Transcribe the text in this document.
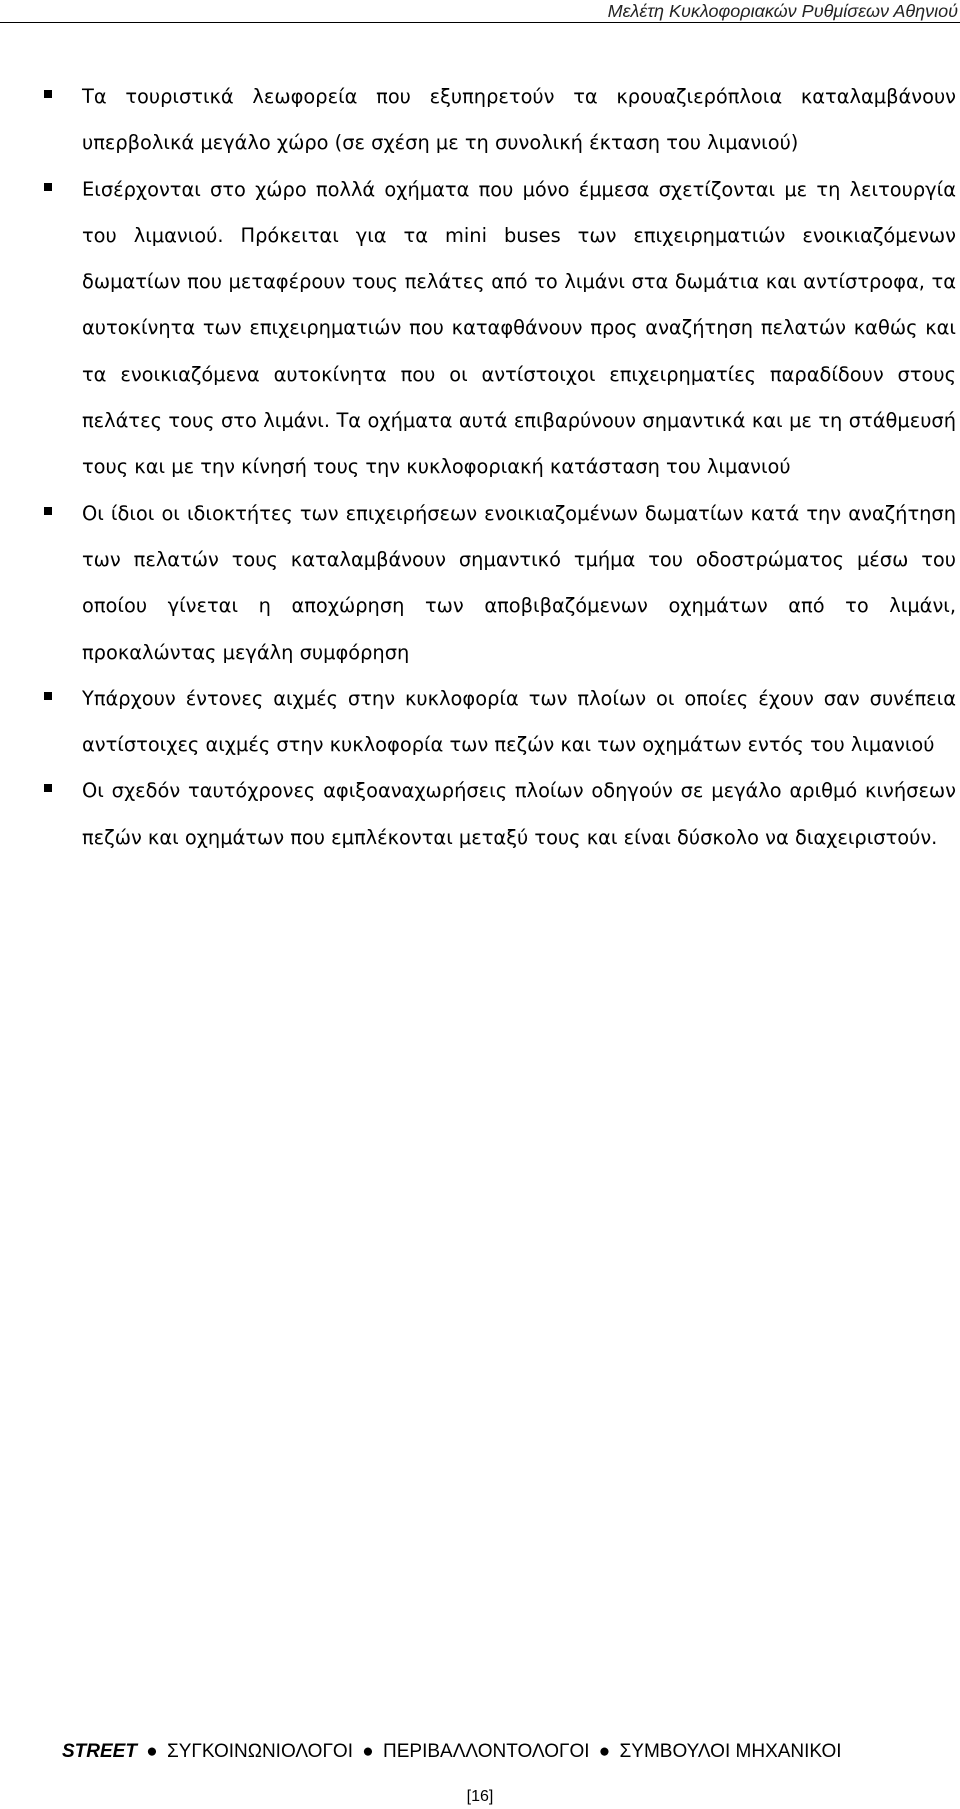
Μελέτη Κυκλοφοριακών Ρυθμίσεων Αθηνιού
Τα τουριστικά λεωφορεία που εξυπηρετούν τα κρουαζιερόπλοια καταλαμβάνουν υπερβολικά μεγάλο χώρο (σε σχέση με τη συνολική έκταση του λιμανιού)
Εισέρχονται στο χώρο πολλά οχήματα που μόνο έμμεσα σχετίζονται με τη λειτουργία του λιμανιού. Πρόκειται για τα mini buses των επιχειρηματιών ενοικιαζόμενων δωματίων που μεταφέρουν τους πελάτες από το λιμάνι στα δωμάτια και αντίστροφα, τα αυτοκίνητα των επιχειρηματιών που καταφθάνουν προς αναζήτηση πελατών καθώς και τα ενοικιαζόμενα αυτοκίνητα που οι αντίστοιχοι επιχειρηματίες παραδίδουν στους πελάτες τους στο λιμάνι. Τα οχήματα αυτά επιβαρύνουν σημαντικά και με τη στάθμευσή τους και με την κίνησή τους την κυκλοφοριακή κατάσταση του λιμανιού
Οι ίδιοι οι ιδιοκτήτες των επιχειρήσεων ενοικιαζομένων δωματίων κατά την αναζήτηση των πελατών τους καταλαμβάνουν σημαντικό τμήμα του οδοστρώματος μέσω του οποίου γίνεται η αποχώρηση των αποβιβαζόμενων οχημάτων από το λιμάνι, προκαλώντας μεγάλη συμφόρηση
Υπάρχουν έντονες αιχμές στην κυκλοφορία των πλοίων οι οποίες έχουν σαν συνέπεια αντίστοιχες αιχμές στην κυκλοφορία των πεζών και των οχημάτων εντός του λιμανιού
Οι σχεδόν ταυτόχρονες αφιξοαναχωρήσεις πλοίων οδηγούν σε μεγάλο αριθμό κινήσεων πεζών και οχημάτων που εμπλέκονται μεταξύ τους και είναι δύσκολο να διαχειριστούν.
STREET ● ΣΥΓΚΟΙΝΩΝΙΟΛΟΓΟΙ ● ΠΕΡΙΒΑΛΛΟΝΤΟΛΟΓΟΙ ● ΣΥΜΒΟΥΛΟΙ ΜΗΧΑΝΙΚΟΙ
[16]
